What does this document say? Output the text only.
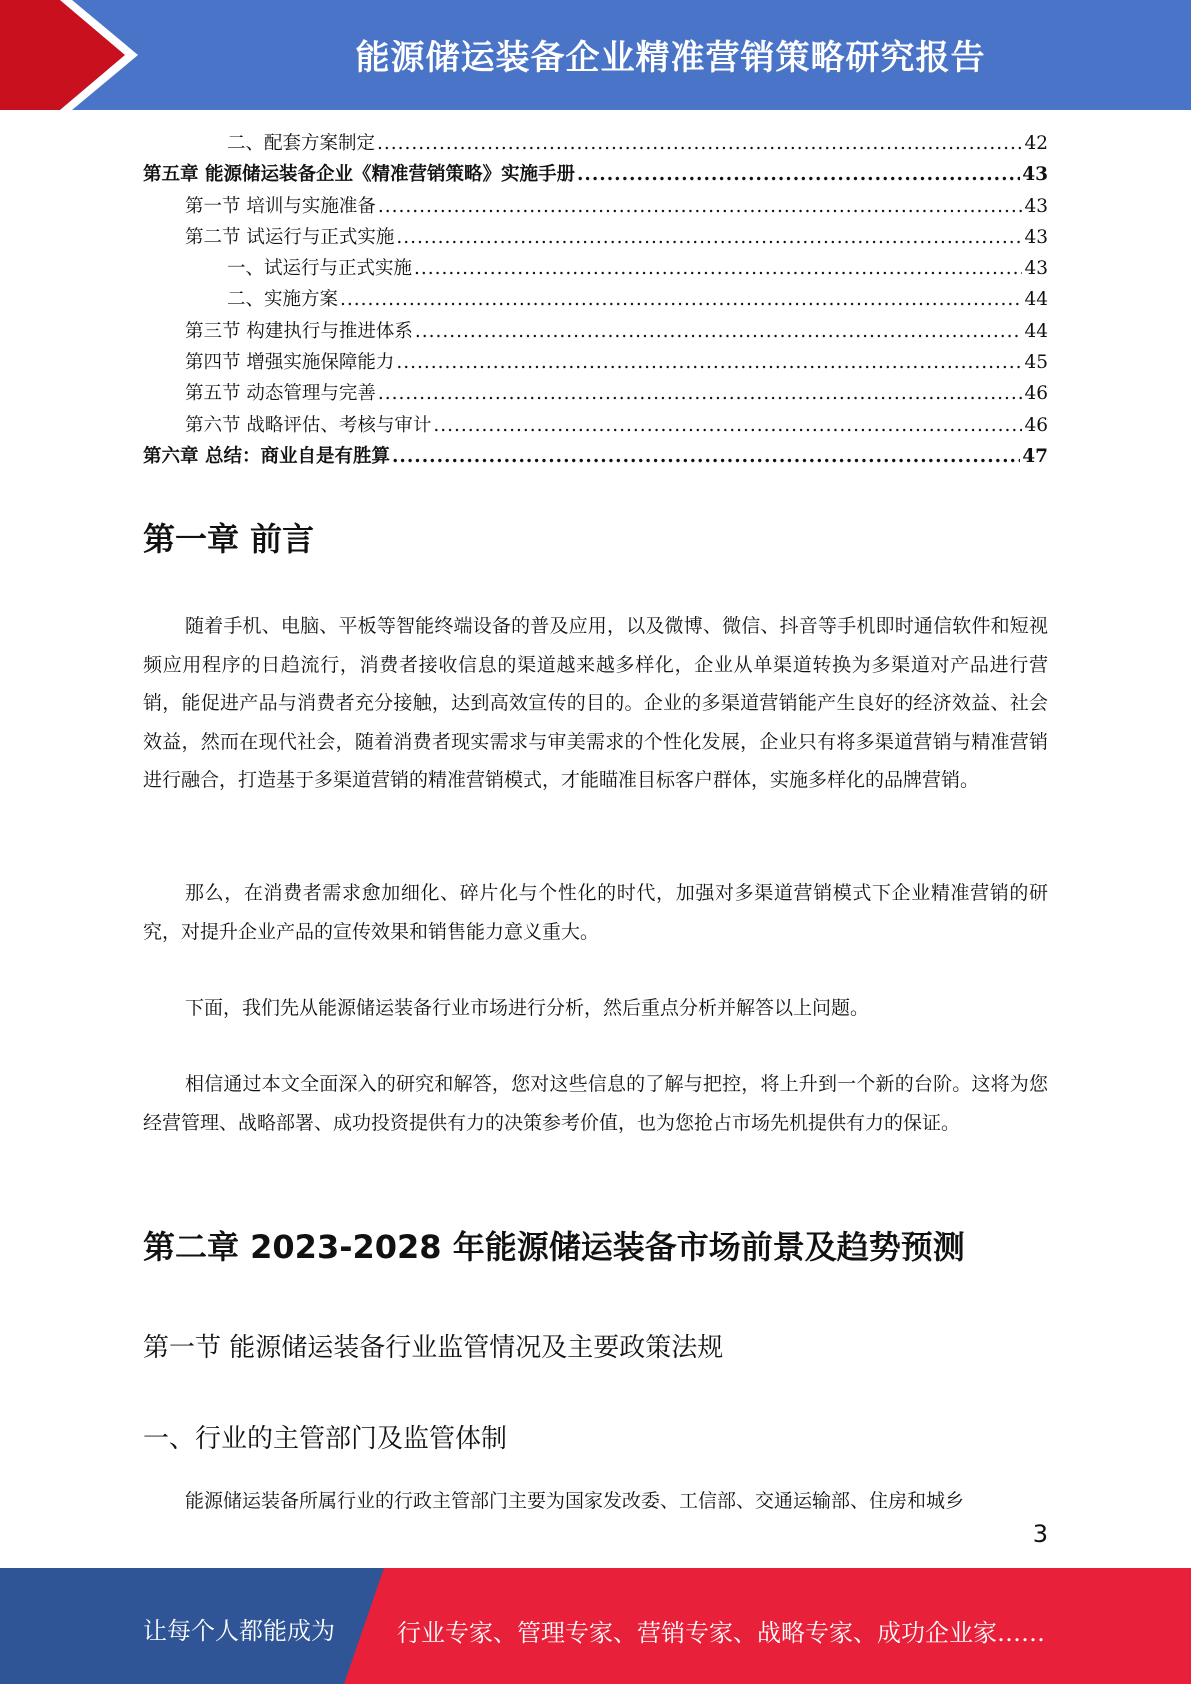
能源储运装备企业精准营销策略研究报告
二、配套方案制定 .....	42
第五章 能源储运装备企业《精准营销策略》实施手册 .....	43
第一节 培训与实施准备 .....	43
第二节 试运行与正式实施 .....	43
一、试运行与正式实施 .....	43
二、实施方案 .....	44
第三节 构建执行与推进体系 .....	44
第四节 增强实施保障能力 .....	45
第五节 动态管理与完善 .....	46
第六节 战略评估、考核与审计 .....	46
第六章 总结：商业自是有胜算 .....	47
第一章 前言
随着手机、电脑、平板等智能终端设备的普及应用，以及微博、微信、抖音等手机即时通信软件和短视频应用程序的日趋流行，消费者接收信息的渠道越来越多样化，企业从单渠道转换为多渠道对产品进行营销，能促进产品与消费者充分接触，达到高效宣传的目的。企业的多渠道营销能产生良好的经济效益、社会效益，然而在现代社会，随着消费者现实需求与审美需求的个性化发展，企业只有将多渠道营销与精准营销进行融合，打造基于多渠道营销的精准营销模式，才能瞄准目标客户群体，实施多样化的品牌营销。
那么，在消费者需求愈加细化、碎片化与个性化的时代，加强对多渠道营销模式下企业精准营销的研究，对提升企业产品的宣传效果和销售能力意义重大。
下面，我们先从能源储运装备行业市场进行分析，然后重点分析并解答以上问题。
相信通过本文全面深入的研究和解答，您对这些信息的了解与把控，将上升到一个新的台阶。这将为您经营管理、战略部署、成功投资提供有力的决策参考价值，也为您抢占市场先机提供有力的保证。
第二章 2023-2028 年能源储运装备市场前景及趋势预测
第一节 能源储运装备行业监管情况及主要政策法规
一、行业的主管部门及监管体制
能源储运装备所属行业的行政主管部门主要为国家发改委、工信部、交通运输部、住房和城乡
3
让每个人都能成为	行业专家、管理专家、营销专家、战略专家、成功企业家……
